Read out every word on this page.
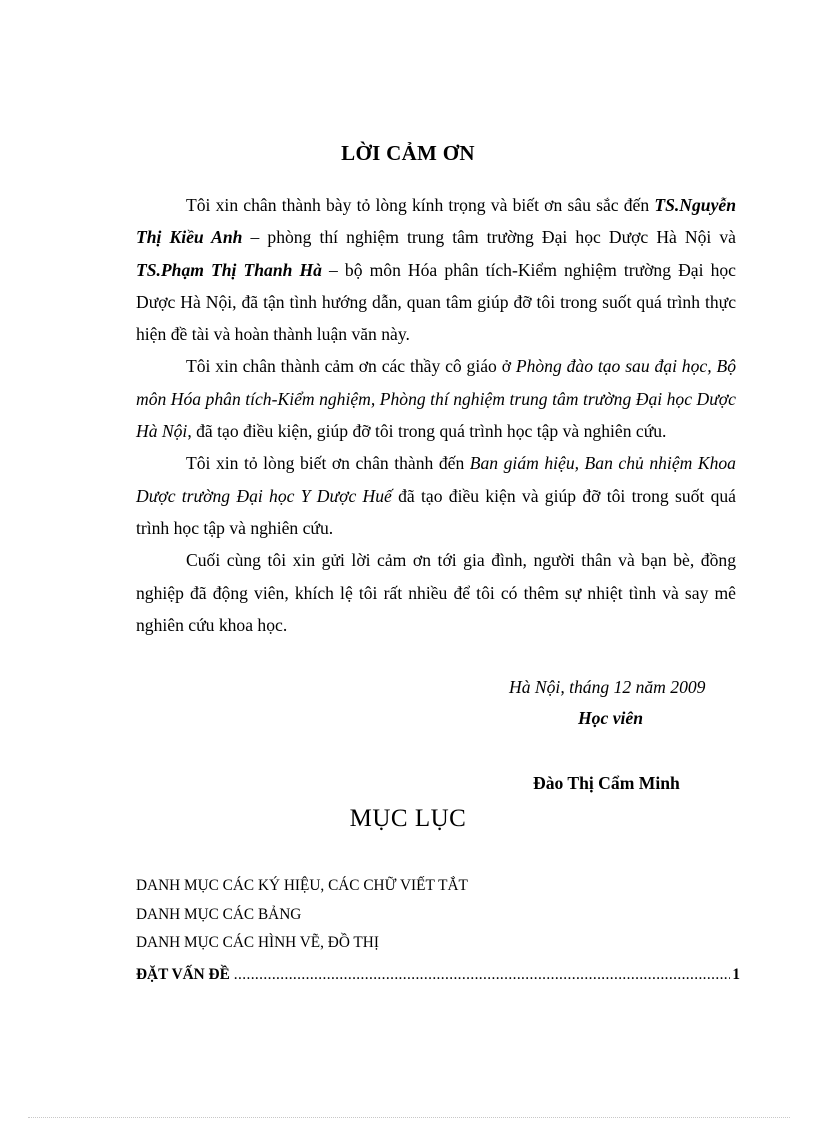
LỜI CẢM ƠN

Tôi xin chân thành bày tỏ lòng kính trọng và biết ơn sâu sắc đến TS.Nguyễn Thị Kiều Anh – phòng thí nghiệm trung tâm trường Đại học Dược Hà Nội và TS.Phạm Thị Thanh Hà – bộ môn Hóa phân tích-Kiểm nghiệm trường Đại học Dược Hà Nội, đã tận tình hướng dẫn, quan tâm giúp đỡ tôi trong suốt quá trình thực hiện đề tài và hoàn thành luận văn này.

Tôi xin chân thành cảm ơn các thầy cô giáo ở Phòng đào tạo sau đại học, Bộ môn Hóa phân tích-Kiểm nghiệm, Phòng thí nghiệm trung tâm trường Đại học Dược Hà Nội, đã tạo điều kiện, giúp đỡ tôi trong quá trình học tập và nghiên cứu.

Tôi xin tỏ lòng biết ơn chân thành đến Ban giám hiệu, Ban chủ nhiệm Khoa Dược trường Đại học Y Dược Huế đã tạo điều kiện và giúp đỡ tôi trong suốt quá trình học tập và nghiên cứu.

Cuối cùng tôi xin gửi lời cảm ơn tới gia đình, người thân và bạn bè, đồng nghiệp đã động viên, khích lệ tôi rất nhiều để tôi có thêm sự nhiệt tình và say mê nghiên cứu khoa học.

Hà Nội, tháng 12 năm 2009
Học viên
Đào Thị Cẩm Minh
MỤC LỤC
DANH MỤC CÁC KÝ HIỆU, CÁC CHỮ VIẾT TẮT
DANH MỤC CÁC BẢNG
DANH MỤC CÁC HÌNH VẼ, ĐỒ THỊ
ĐẶT VẤN ĐỀ
.....	1
